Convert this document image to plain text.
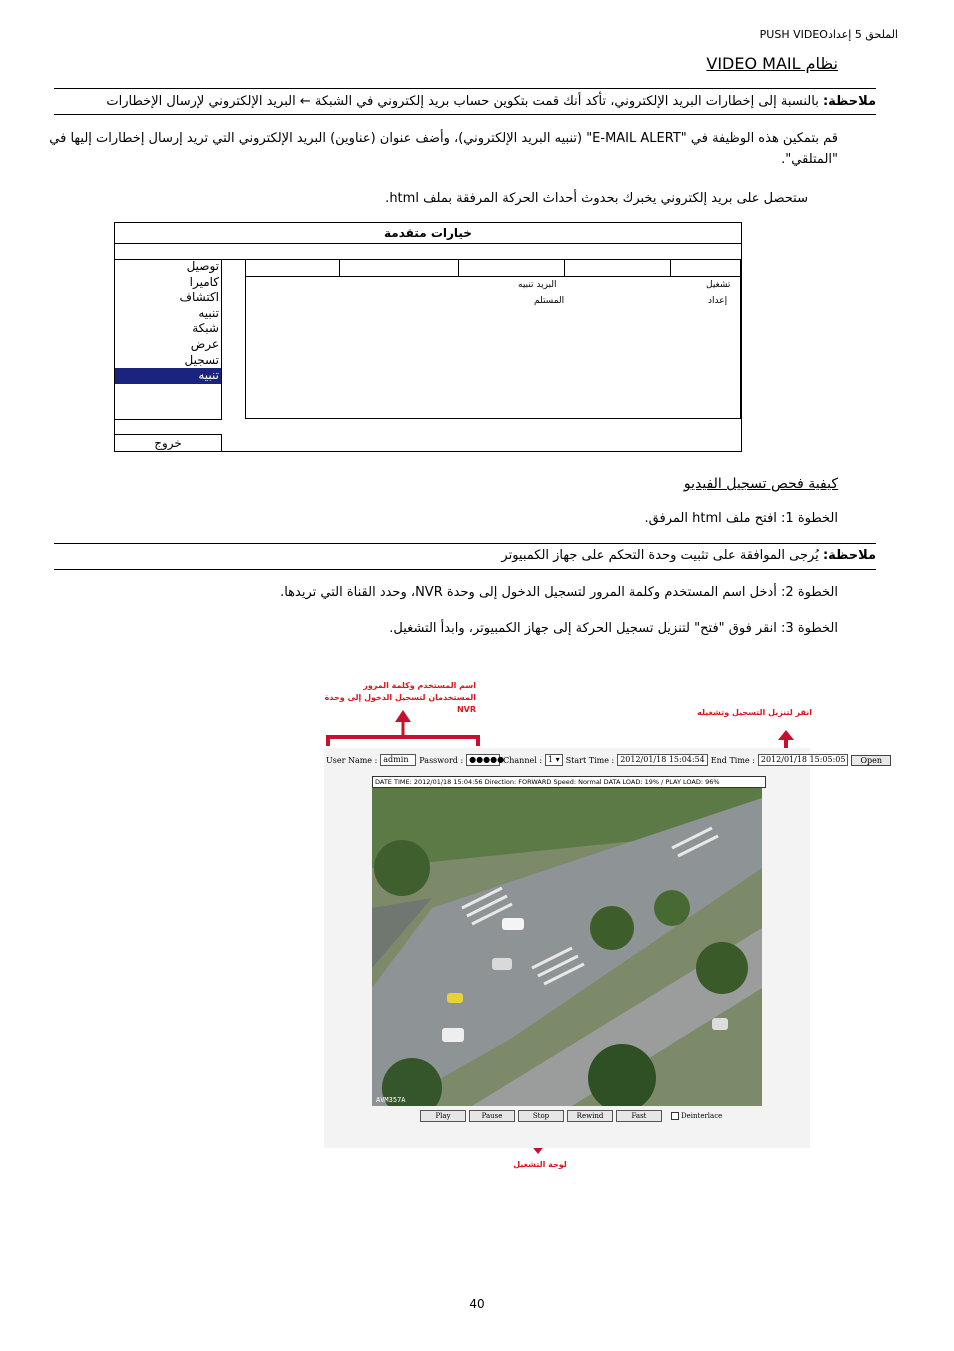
الملحق 5 إعدادPUSH VIDEO
نظام VIDEO MAIL
ملاحظة: بالنسبة إلى إخطارات البريد الإلكتروني، تأكد أنك قمت بتكوين حساب بريد إلكتروني في الشبكة ← البريد الإلكتروني لإرسال الإخطارات
قم بتمكين هذه الوظيفة في "E-MAIL ALERT" (تنبيه البريد الإلكتروني)، وأضف عنوان (عناوين) البريد الإلكتروني التي تريد إرسال إخطارات إليها في "المتلقي".
ستحصل على بريد إلكتروني يخبرك بحدوث أحداث الحركة المرفقة بملف html.
خيارات متقدمة
توصيل
كاميرا
اكتشاف
تنبيه
شبكة
عرض
تسجيل
تنبيه
البريد تنبيه	تشغيل
المستلم	إعداد
خروج
كيفية فحص تسجيل الفيديو
الخطوة 1: افتح ملف html المرفق.
ملاحظة: يُرجى الموافقة على تثبيت وحدة التحكم على جهاز الكمبيوتر
الخطوة 2: أدخل اسم المستخدم وكلمة المرور لتسجيل الدخول إلى وحدة NVR، وحدد القناة التي تريدها.
الخطوة 3: انقر فوق "فتح" لتنزيل تسجيل الحركة إلى جهاز الكمبيوتر، وابدأ التشغيل.
اسم المستخدم وكلمة المرور المستخدمان لتسجيل الدخول إلى وحدة NVR	انقر لتنزيل التسجيل وتشغيله
User Name : admin	Password : ●●●●● Channel : 1 ▾ Start Time : 2012/01/18 15:04:54 End Time : 2012/01/18 15:05:05	Open
DATE TIME: 2012/01/18 15:04:56 Direction: FORWARD Speed: Normal DATA LOAD: 19% / PLAY LOAD: 96%
AVM357A
Play	Pause	Stop	Rewind	Fast	Deinterlace
لوحة التشغيل
40
